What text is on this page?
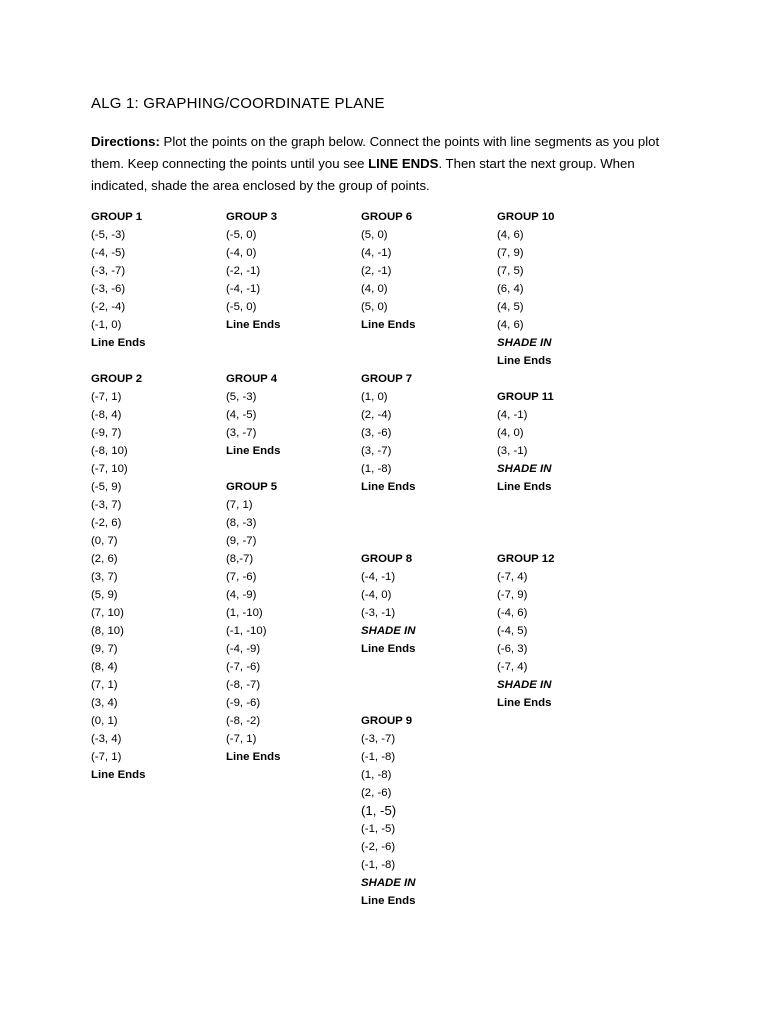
ALG 1: GRAPHING/COORDINATE PLANE
Directions: Plot the points on the graph below. Connect the points with line segments as you plot them. Keep connecting the points until you see LINE ENDS. Then start the next group. When indicated, shade the area enclosed by the group of points.
GROUP 1
(-5, -3)
(-4, -5)
(-3, -7)
(-3, -6)
(-2, -4)
(-1, 0)
Line Ends
GROUP 2
(-7, 1)
(-8, 4)
(-9, 7)
(-8, 10)
(-7, 10)
(-5, 9)
(-3, 7)
(-2, 6)
(0, 7)
(2, 6)
(3, 7)
(5, 9)
(7, 10)
(8, 10)
(9, 7)
(8, 4)
(7, 1)
(3, 4)
(0, 1)
(-3, 4)
(-7, 1)
Line Ends
GROUP 3
(-5, 0)
(-4, 0)
(-2, -1)
(-4, -1)
(-5, 0)
Line Ends
GROUP 4
(5, -3)
(4, -5)
(3, -7)
Line Ends
GROUP 5
(7, 1)
(8, -3)
(9, -7)
(8,-7)
(7, -6)
(4, -9)
(1, -10)
(-1, -10)
(-4, -9)
(-7, -6)
(-8, -7)
(-9, -6)
(-8, -2)
(-7, 1)
Line Ends
GROUP 6
(5, 0)
(4, -1)
(2, -1)
(4, 0)
(5, 0)
Line Ends
GROUP 7
(1, 0)
(2, -4)
(3, -6)
(3, -7)
(1, -8)
Line Ends
GROUP 8
(-4, -1)
(-4, 0)
(-3, -1)
SHADE IN
Line Ends
GROUP 9
(-3, -7)
(-1, -8)
(1, -8)
(2, -6)
(1, -5)
(-1, -5)
(-2, -6)
(-1, -8)
SHADE IN
Line Ends
GROUP 10
(4, 6)
(7, 9)
(7, 5)
(6, 4)
(4, 5)
(4, 6)
SHADE IN
Line Ends
GROUP 11
(4, -1)
(4, 0)
(3, -1)
SHADE IN
Line Ends
GROUP 12
(-7, 4)
(-7, 9)
(-4, 6)
(-4, 5)
(-6, 3)
(-7, 4)
SHADE IN
Line Ends
